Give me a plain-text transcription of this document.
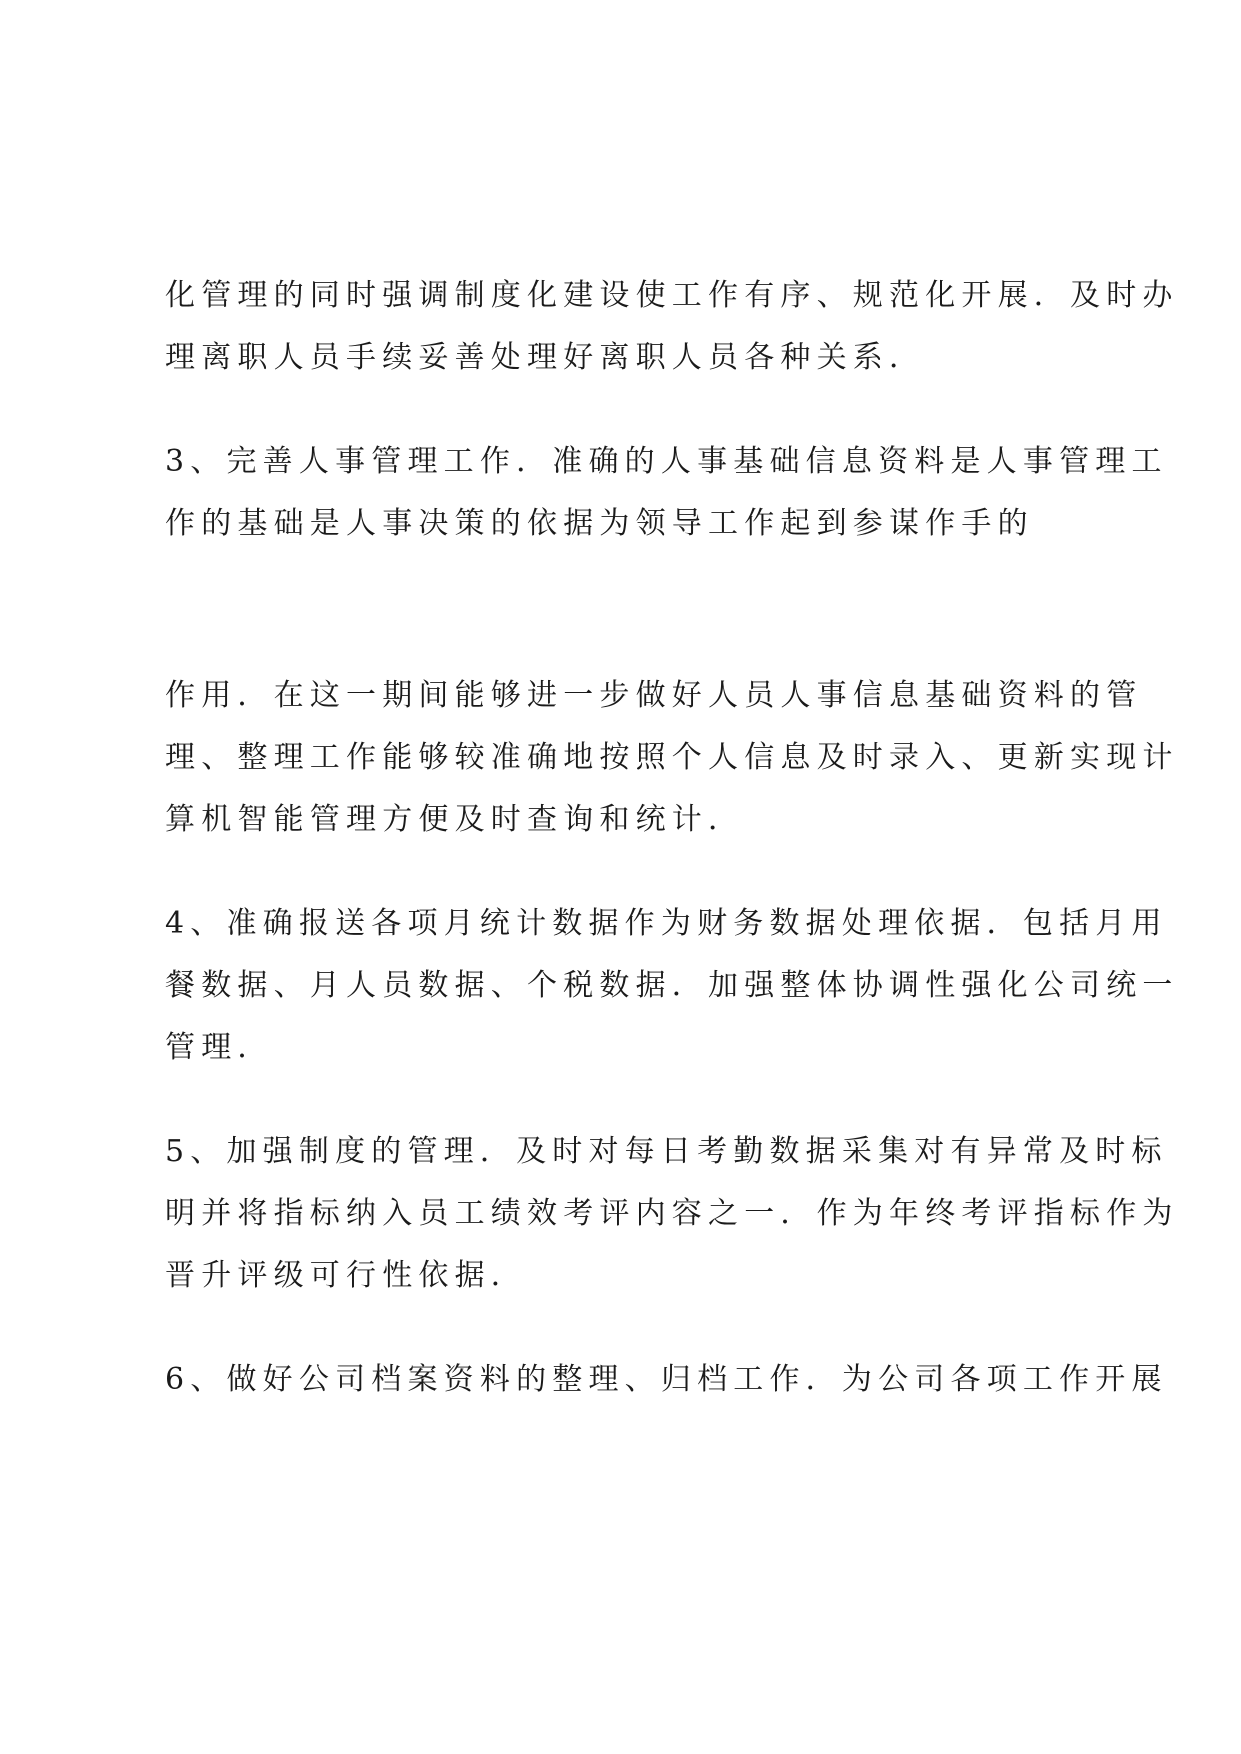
化管理的同时强调制度化建设使工作有序、规范化开展．及时办
理离职人员手续妥善处理好离职人员各种关系．

3、完善人事管理工作．准确的人事基础信息资料是人事管理工
作的基础是人事决策的依据为领导工作起到参谋作手的

作用．在这一期间能够进一步做好人员人事信息基础资料的管
理、整理工作能够较准确地按照个人信息及时录入、更新实现计
算机智能管理方便及时查询和统计．

4、准确报送各项月统计数据作为财务数据处理依据．包括月用
餐数据、月人员数据、个税数据．加强整体协调性强化公司统一
管理．

5、加强制度的管理．及时对每日考勤数据采集对有异常及时标
明并将指标纳入员工绩效考评内容之一．作为年终考评指标作为
晋升评级可行性依据．

6、做好公司档案资料的整理、归档工作．为公司各项工作开展
